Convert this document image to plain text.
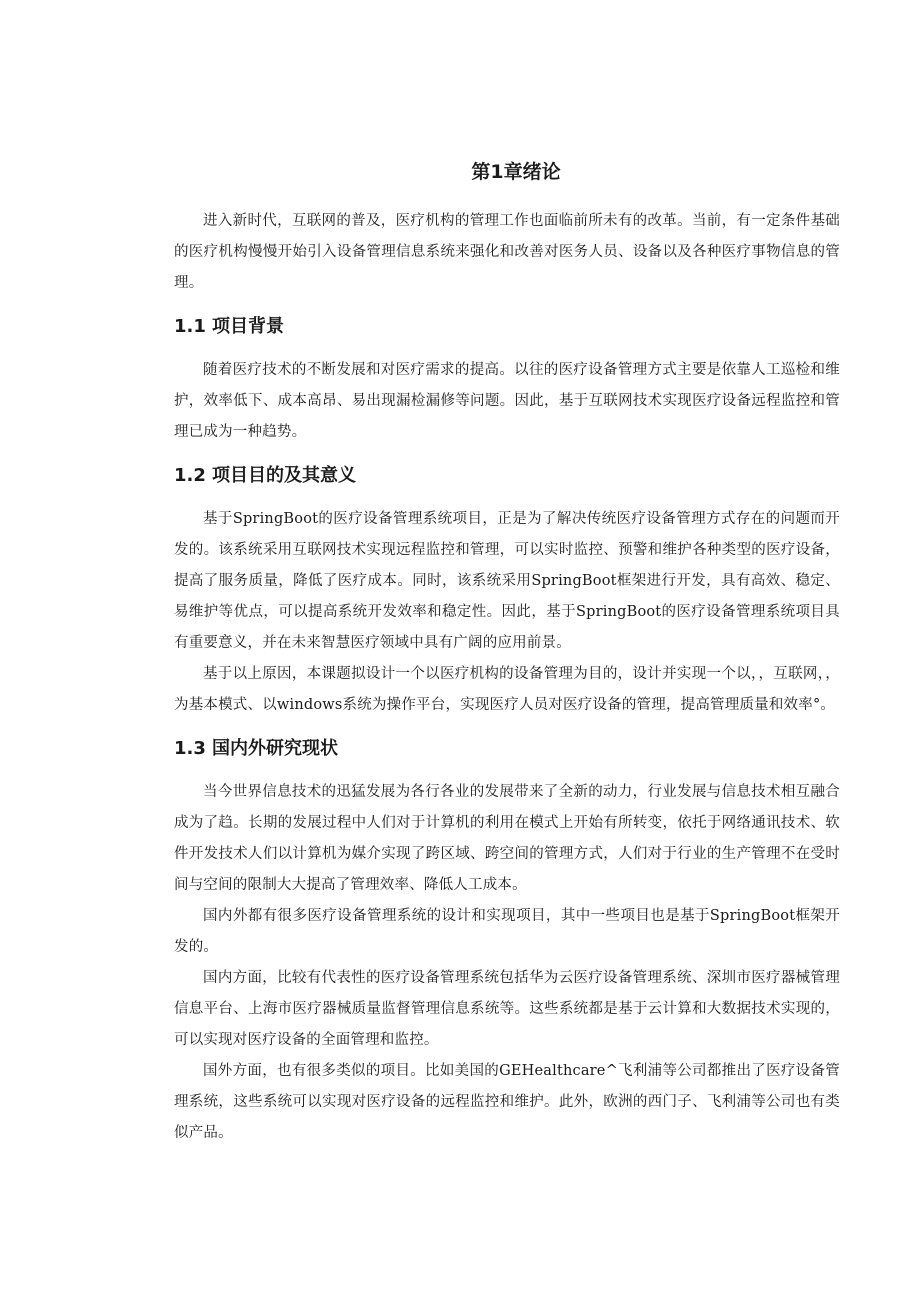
第1章绪论

进入新时代，互联网的普及，医疗机构的管理工作也面临前所未有的改革。当前，有一定条件基础的医疗机构慢慢开始引入设备管理信息系统来强化和改善对医务人员、设备以及各种医疗事物信息的管理。

1.1 项目背景

随着医疗技术的不断发展和对医疗需求的提高。以往的医疗设备管理方式主要是依靠人工巡检和维护，效率低下、成本高昂、易出现漏检漏修等问题。因此，基于互联网技术实现医疗设备远程监控和管理已成为一种趋势。

1.2 项目目的及其意义

基于SpringBoot的医疗设备管理系统项目，正是为了解决传统医疗设备管理方式存在的问题而开发的。该系统采用互联网技术实现远程监控和管理，可以实时监控、预警和维护各种类型的医疗设备，提高了服务质量，降低了医疗成本。同时，该系统采用SpringBoot框架进行开发，具有高效、稳定、易维护等优点，可以提高系统开发效率和稳定性。因此，基于SpringBoot的医疗设备管理系统项目具有重要意义，并在未来智慧医疗领域中具有广阔的应用前景。

基于以上原因，本课题拟设计一个以医疗机构的设备管理为目的，设计并实现一个以，，互联网，，为基本模式、以windows系统为操作平台，实现医疗人员对医疗设备的管理，提高管理质量和效率°。

1.3 国内外研究现状

当今世界信息技术的迅猛发展为各行各业的发展带来了全新的动力，行业发展与信息技术相互融合成为了趋。长期的发展过程中人们对于计算机的利用在模式上开始有所转变，依托于网络通讯技术、软件开发技术人们以计算机为媒介实现了跨区域、跨空间的管理方式，人们对于行业的生产管理不在受时间与空间的限制大大提高了管理效率、降低人工成本。

国内外都有很多医疗设备管理系统的设计和实现项目，其中一些项目也是基于SpringBoot框架开发的。

国内方面，比较有代表性的医疗设备管理系统包括华为云医疗设备管理系统、深圳市医疗器械管理信息平台、上海市医疗器械质量监督管理信息系统等。这些系统都是基于云计算和大数据技术实现的，可以实现对医疗设备的全面管理和监控。

国外方面，也有很多类似的项目。比如美国的GEHealthcare^飞利浦等公司都推出了医疗设备管理系统，这些系统可以实现对医疗设备的远程监控和维护。此外，欧洲的西门子、飞利浦等公司也有类似产品。
